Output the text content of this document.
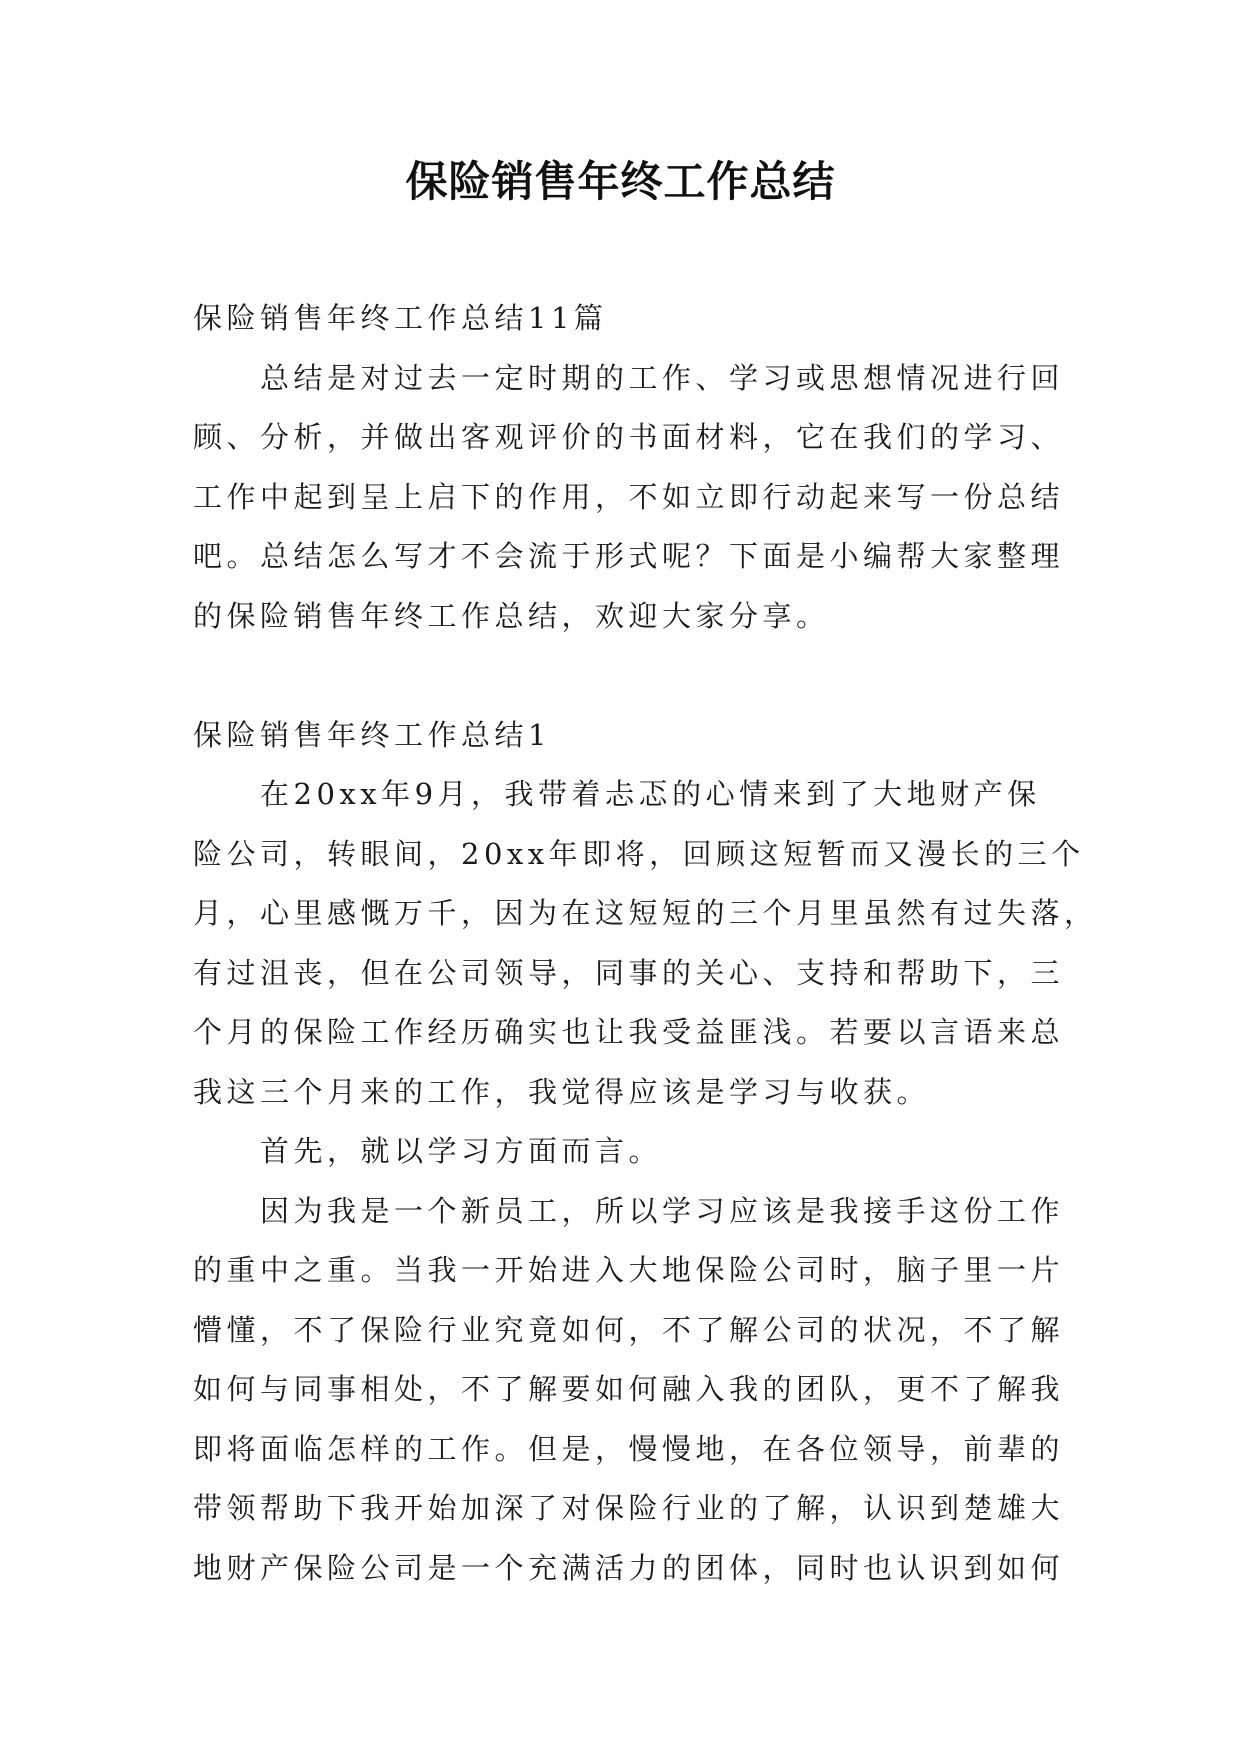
保险销售年终工作总结
保险销售年终工作总结11篇
　　总结是对过去一定时期的工作、学习或思想情况进行回
顾、分析，并做出客观评价的书面材料，它在我们的学习、
工作中起到呈上启下的作用，不如立即行动起来写一份总结
吧。总结怎么写才不会流于形式呢？下面是小编帮大家整理
的保险销售年终工作总结，欢迎大家分享。
保险销售年终工作总结1
　　在20xx年9月，我带着忐忑的心情来到了大地财产保
险公司，转眼间，20xx年即将，回顾这短暂而又漫长的三个
月，心里感慨万千，因为在这短短的三个月里虽然有过失落，
有过沮丧，但在公司领导，同事的关心、支持和帮助下，三
个月的保险工作经历确实也让我受益匪浅。若要以言语来总
我这三个月来的工作，我觉得应该是学习与收获。
　　首先，就以学习方面而言。
　　因为我是一个新员工，所以学习应该是我接手这份工作
的重中之重。当我一开始进入大地保险公司时，脑子里一片
懵懂，不了保险行业究竟如何，不了解公司的状况，不了解
如何与同事相处，不了解要如何融入我的团队，更不了解我
即将面临怎样的工作。但是，慢慢地，在各位领导，前辈的
带领帮助下我开始加深了对保险行业的了解，认识到楚雄大
地财产保险公司是一个充满活力的团体，同时也认识到如何
